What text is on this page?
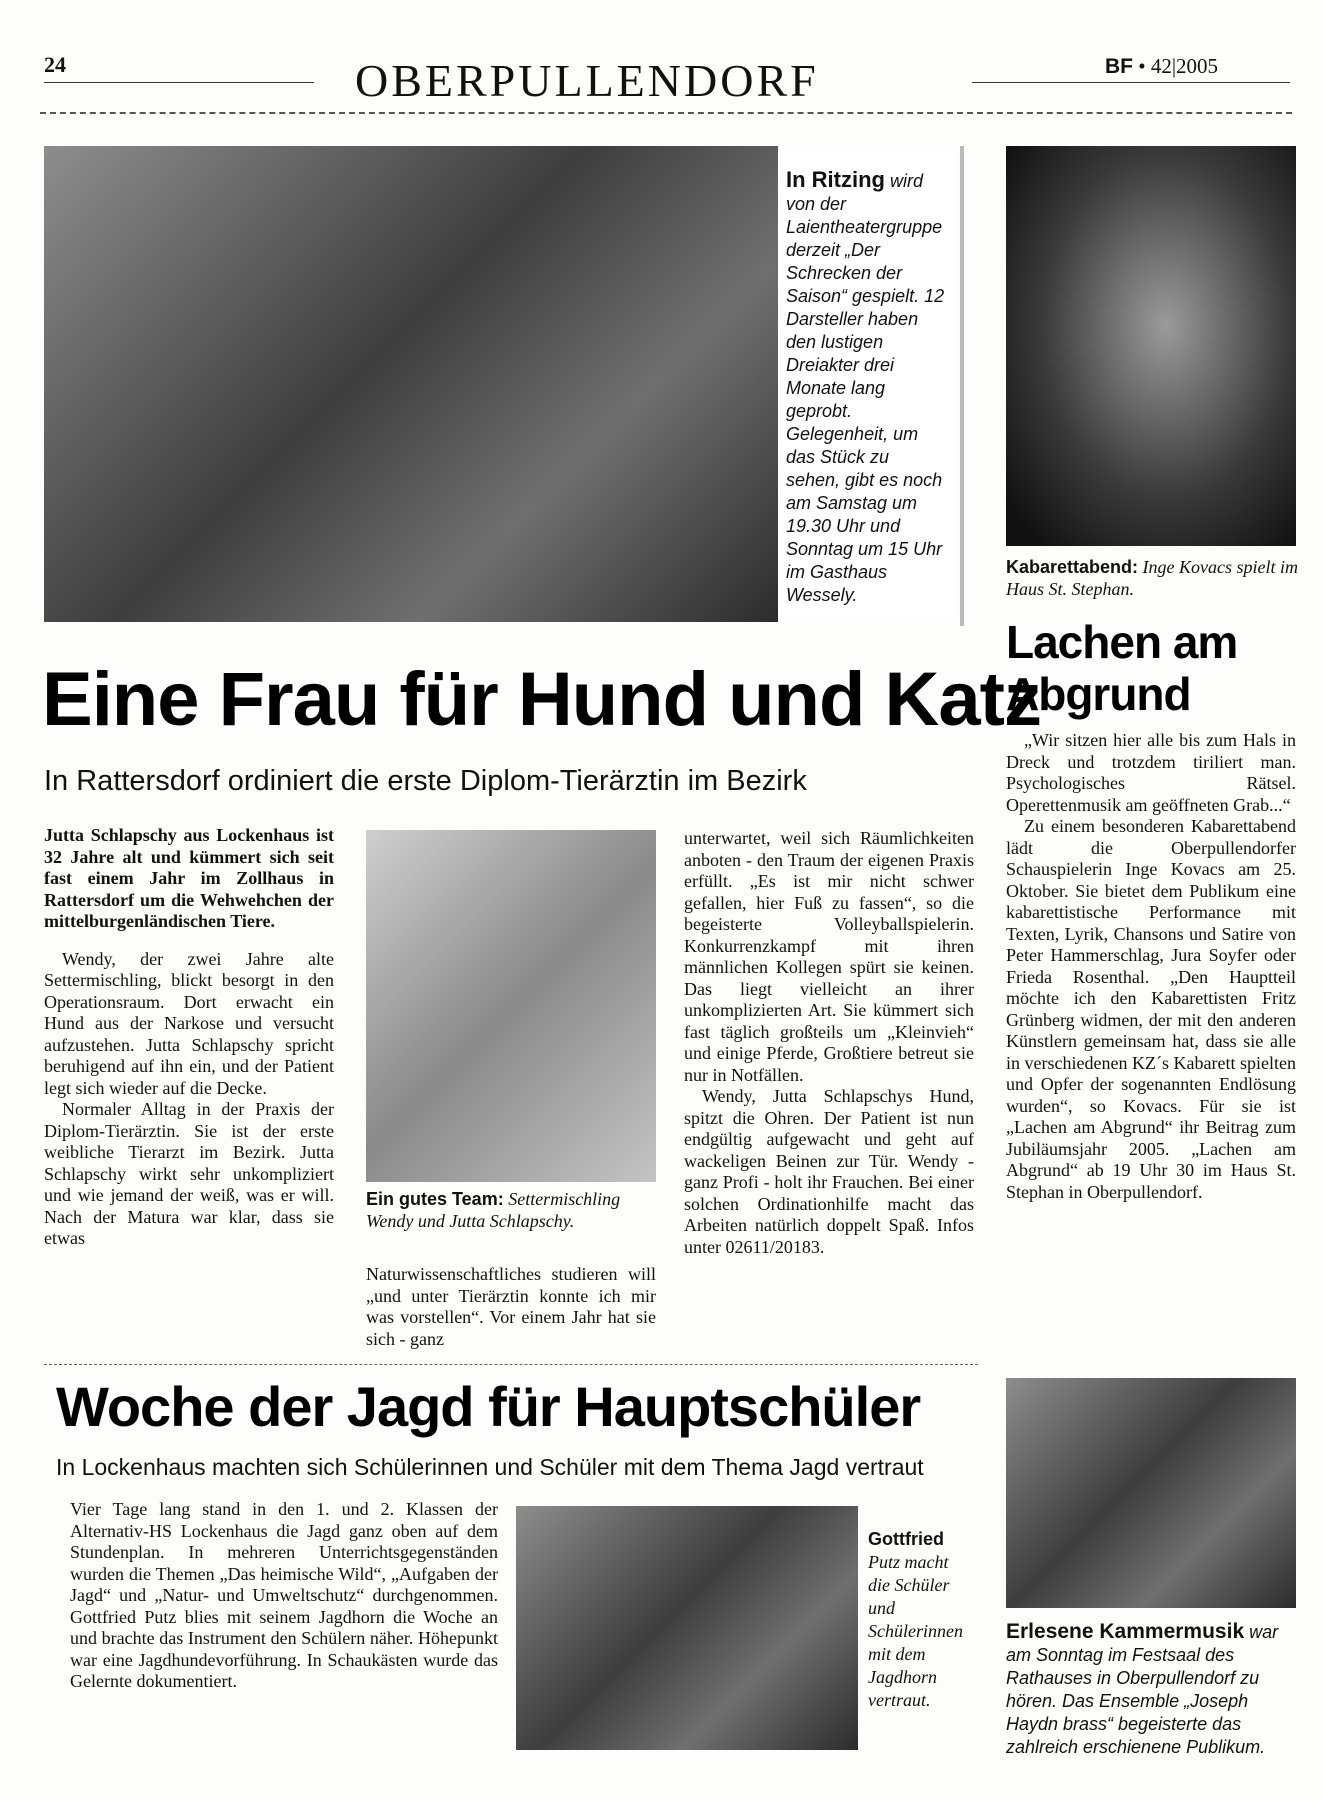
24	OBERPULLENDORF	BF • 42|2005
In Ritzing wird von der Laientheatergruppe derzeit „Der Schrecken der Saison“ gespielt. 12 Darsteller haben den lustigen Dreiakter drei Monate lang geprobt. Gelegenheit, um das Stück zu sehen, gibt es noch am Samstag um 19.30 Uhr und Sonntag um 15 Uhr im Gasthaus Wessely.
Kabarettabend: Inge Kovacs spielt im Haus St. Stephan.
Lachen am
Abgrund

„Wir sitzen hier alle bis zum Hals in Dreck und trotzdem tiriliert man. Psychologisches Rätsel. Operettenmusik am geöffneten Grab...“

Zu einem besonderen Kabarettabend lädt die Oberpullendorfer Schauspielerin Inge Kovacs am 25. Oktober. Sie bietet dem Publikum eine kabarettistische Performance mit Texten, Lyrik, Chansons und Satire von Peter Hammerschlag, Jura Soyfer oder Frieda Rosenthal. „Den Hauptteil möchte ich den Kabarettisten Fritz Grünberg widmen, der mit den anderen Künstlern gemeinsam hat, dass sie alle in verschiedenen KZ´s Kabarett spielten und Opfer der sogenannten Endlösung wurden“, so Kovacs. Für sie ist „Lachen am Abgrund“ ihr Beitrag zum Jubiläumsjahr 2005. „Lachen am Abgrund“ ab 19 Uhr 30 im Haus St. Stephan in Oberpullendorf.

Eine Frau für Hund und Katz
In Rattersdorf ordiniert die erste Diplom-Tierärztin im Bezirk
Jutta Schlapschy aus Lockenhaus ist 32 Jahre alt und kümmert sich seit fast einem Jahr im Zollhaus in Rattersdorf um die Wehwehchen der mittelburgenländischen Tiere.

Wendy, der zwei Jahre alte Settermischling, blickt besorgt in den Operationsraum. Dort erwacht ein Hund aus der Narkose und versucht aufzustehen. Jutta Schlapschy spricht beruhigend auf ihn ein, und der Patient legt sich wieder auf die Decke.

Normaler Alltag in der Praxis der Diplom-Tierärztin. Sie ist der erste weibliche Tierarzt im Bezirk. Jutta Schlapschy wirkt sehr unkompliziert und wie jemand der weiß, was er will. Nach der Matura war klar, dass sie etwas

Ein gutes Team: Settermischling Wendy und Jutta Schlapschy.

Naturwissenschaftliches studieren will „und unter Tierärztin konnte ich mir was vorstellen“. Vor einem Jahr hat sie sich - ganz

unterwartet, weil sich Räumlichkeiten anboten - den Traum der eigenen Praxis erfüllt. „Es ist mir nicht schwer gefallen, hier Fuß zu fassen“, so die begeisterte Volleyballspielerin. Konkurrenzkampf mit ihren männlichen Kollegen spürt sie keinen. Das liegt vielleicht an ihrer unkomplizierten Art. Sie kümmert sich fast täglich großteils um „Kleinvieh“ und einige Pferde, Großtiere betreut sie nur in Notfällen.

Wendy, Jutta Schlapschys Hund, spitzt die Ohren. Der Patient ist nun endgültig aufgewacht und geht auf wackeligen Beinen zur Tür. Wendy - ganz Profi - holt ihr Frauchen. Bei einer solchen Ordinationhilfe macht das Arbeiten natürlich doppelt Spaß. Infos unter 02611/20183.

Woche der Jagd für Hauptschüler
In Lockenhaus machten sich Schülerinnen und Schüler mit dem Thema Jagd vertraut

Vier Tage lang stand in den 1. und 2. Klassen der Alternativ-HS Lockenhaus die Jagd ganz oben auf dem Stundenplan. In mehreren Unterrichtsgegenständen wurden die Themen „Das heimische Wild“, „Aufgaben der Jagd“ und „Natur- und Umweltschutz“ durchgenommen. Gottfried Putz blies mit seinem Jagdhorn die Woche an und brachte das Instrument den Schülern näher. Höhepunkt war eine Jagdhundevorführung. In Schaukästen wurde das Gelernte dokumentiert.

Gottfried
Putz macht die Schüler und Schülerinnen mit dem Jagdhorn vertraut.
Erlesene Kammermusik war am Sonntag im Festsaal des Rathauses in Oberpullendorf zu hören. Das Ensemble „Joseph Haydn brass“ begeisterte das zahlreich erschienene Publikum.
